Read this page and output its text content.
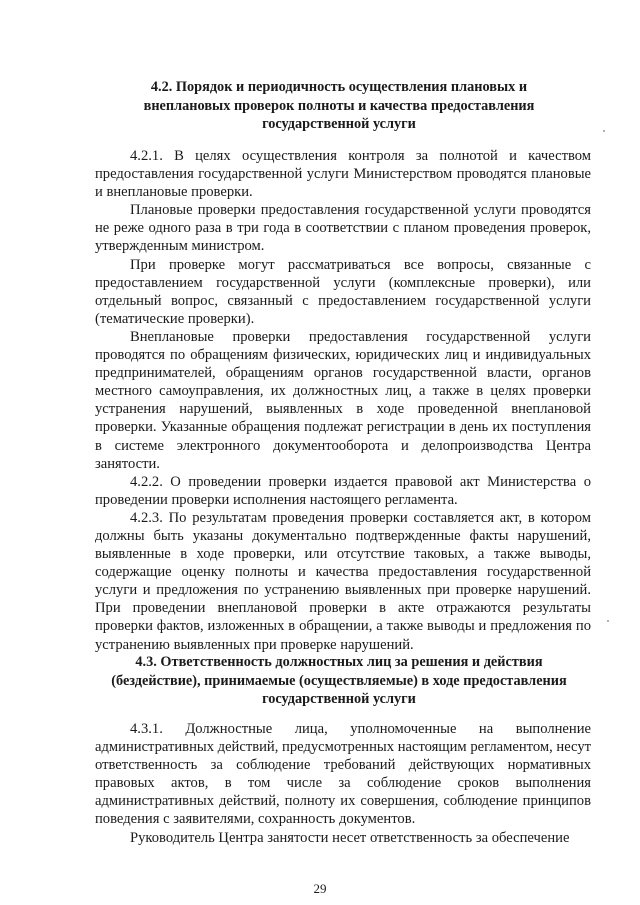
4.2. Порядок и периодичность осуществления плановых и внеплановых проверок полноты и качества предоставления государственной услуги

4.2.1. В целях осуществления контроля за полнотой и качеством предоставления государственной услуги Министерством проводятся плановые и внеплановые проверки.

Плановые проверки предоставления государственной услуги проводятся не реже одного раза в три года в соответствии с планом проведения проверок, утвержденным министром.

При проверке могут рассматриваться все вопросы, связанные с предоставлением государственной услуги (комплексные проверки), или отдельный вопрос, связанный с предоставлением государственной услуги (тематические проверки).

Внеплановые проверки предоставления государственной услуги проводятся по обращениям физических, юридических лиц и индивидуальных предпринимателей, обращениям органов государственной власти, органов местного самоуправления, их должностных лиц, а также в целях проверки устранения нарушений, выявленных в ходе проведенной внеплановой проверки. Указанные обращения подлежат регистрации в день их поступления в системе электронного документооборота и делопроизводства Центра занятости.

4.2.2. О проведении проверки издается правовой акт Министерства о проведении проверки исполнения настоящего регламента.

4.2.3. По результатам проведения проверки составляется акт, в котором должны быть указаны документально подтвержденные факты нарушений, выявленные в ходе проверки, или отсутствие таковых, а также выводы, содержащие оценку полноты и качества предоставления государственной услуги и предложения по устранению выявленных при проверке нарушений. При проведении внеплановой проверки в акте отражаются результаты проверки фактов, изложенных в обращении, а также выводы и предложения по устранению выявленных при проверке нарушений.

4.3. Ответственность должностных лиц за решения и действия (бездействие), принимаемые (осуществляемые) в ходе предоставления государственной услуги

4.3.1. Должностные лица, уполномоченные на выполнение административных действий, предусмотренных настоящим регламентом, несут ответственность за соблюдение требований действующих нормативных правовых актов, в том числе за соблюдение сроков выполнения административных действий, полноту их совершения, соблюдение принципов поведения с заявителями, сохранность документов.

Руководитель Центра занятости несет ответственность за обеспечение

29
